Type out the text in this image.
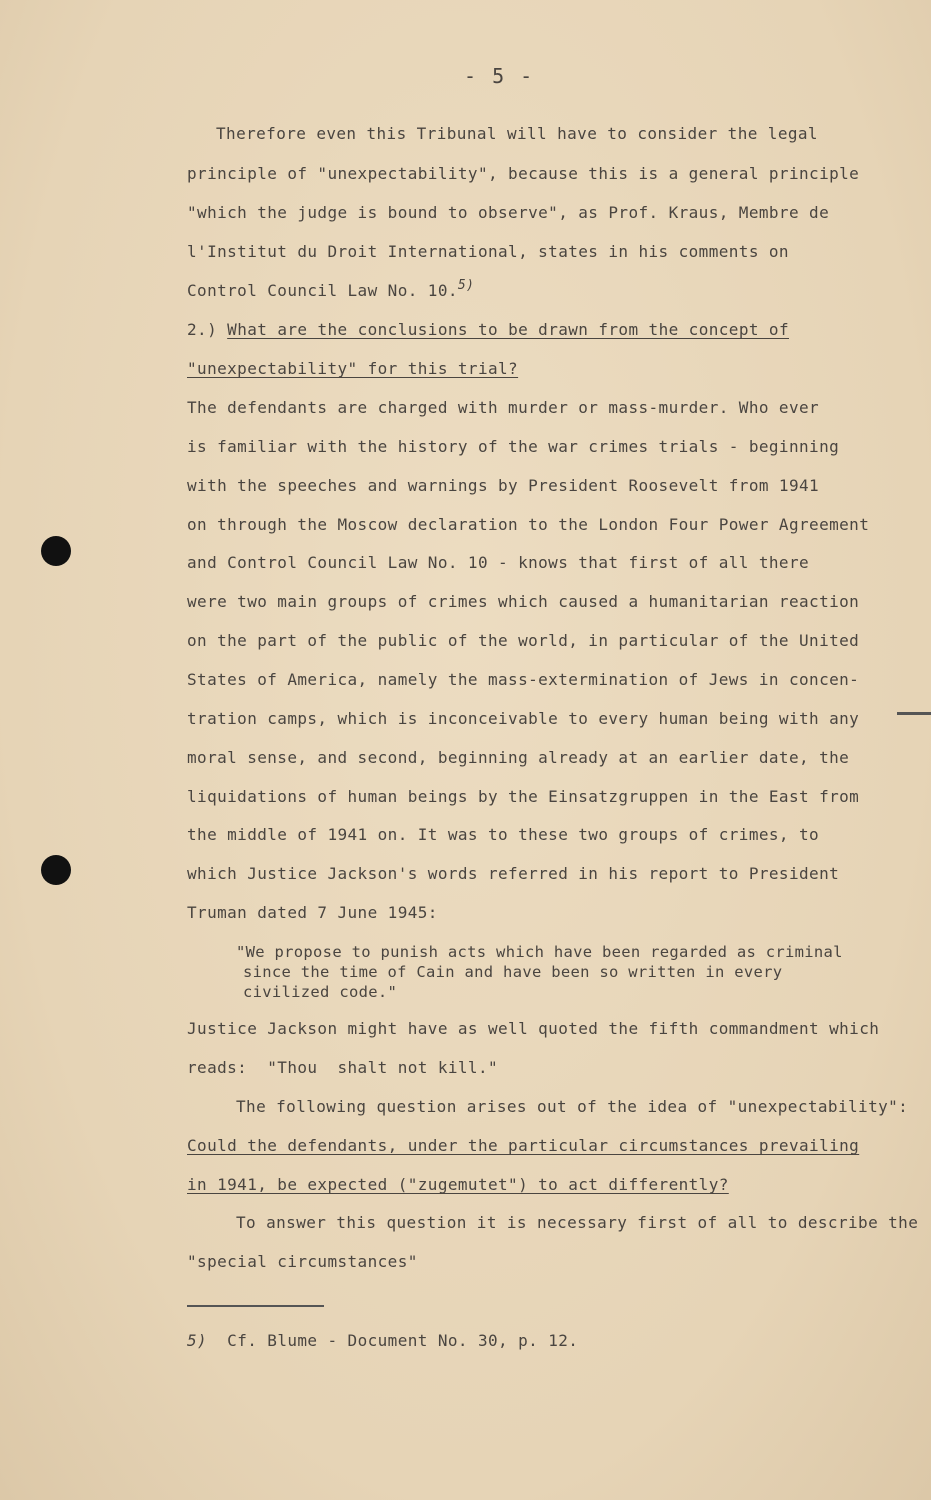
- 5 -
Therefore even this Tribunal will have to consider the legal
principle of "unexpectability", because this is a general principle
"which the judge is bound to observe", as Prof. Kraus, Membre de
l'Institut du Droit International, states in his comments on
Control Council Law No. 10.$^{5)}$
2.) What are the conclusions to be drawn from the concept of
"unexpectability" for this trial?
The defendants are charged with murder or mass-murder. Who ever
is familiar with the history of the war crimes trials - beginning
with the speeches and warnings by President Roosevelt from 1941
on through the Moscow declaration to the London Four Power Agreement
and Control Council Law No. 10 - knows that first of all there
were two main groups of crimes which caused a humanitarian reaction
on the part of the public of the world, in particular of the United
States of America, namely the mass-extermination of Jews in concen-
tration camps, which is inconceivable to every human being with any
moral sense, and second, beginning already at an earlier date, the
liquidations of human beings by the Einsatzgruppen in the East from
the middle of 1941 on. It was to these two groups of crimes, to
which Justice Jackson's words referred in his report to President
Truman dated 7 June 1945:
"We propose to punish acts which have been regarded as criminal
since the time of Cain and have been so written in every
civilized code."
Justice Jackson might have as well quoted the fifth commandment which
reads:  "Thou  shalt not kill."
The following question arises out of the idea of "unexpectability":
Could the defendants, under the particular circumstances prevailing
in 1941, be expected ("zugemutet") to act differently?
To answer this question it is necessary first of all to describe the
"special circumstances"
5) Cf. Blume - Document No. 30, p. 12.
